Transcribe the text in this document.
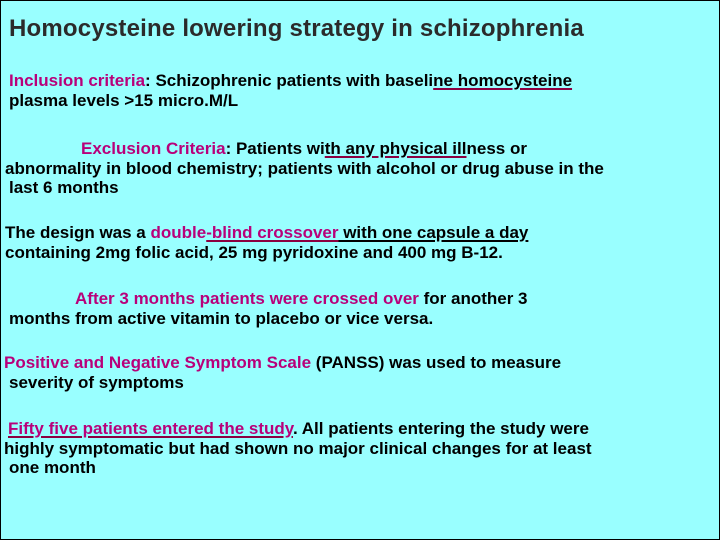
Homocysteine lowering strategy in schizophrenia
Inclusion criteria: Schizophrenic patients with baseline homocysteine
plasma levels >15 micro.M/L
Exclusion Criteria: Patients with any physical illness or
abnormality in blood chemistry; patients with alcohol or drug abuse in the
last 6 months
The design was a double-blind crossover with one capsule a day
containing 2mg folic acid, 25 mg pyridoxine and 400 mg B-12.
After 3 months patients were crossed over for another 3
months from active vitamin to placebo or vice versa.
Positive and Negative Symptom Scale (PANSS) was used to measure
severity of symptoms
Fifty five patients entered the study. All patients entering the study were
highly symptomatic but had shown no major clinical changes for at least
one month
